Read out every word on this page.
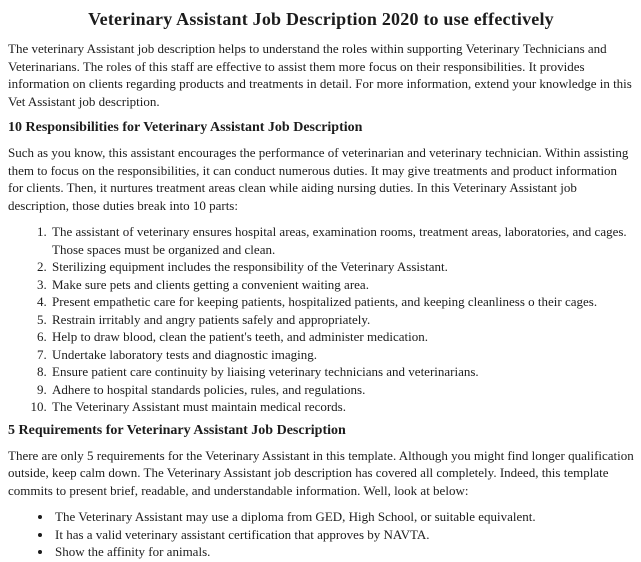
Veterinary Assistant Job Description 2020 to use effectively

The veterinary Assistant job description helps to understand the roles within supporting Veterinary Technicians and Veterinarians. The roles of this staff are effective to assist them more focus on their responsibilities. It provides information on clients regarding products and treatments in detail. For more information, extend your knowledge in this Vet Assistant job description.

10 Responsibilities for Veterinary Assistant Job Description

Such as you know, this assistant encourages the performance of veterinarian and veterinary technician. Within assisting them to focus on the responsibilities, it can conduct numerous duties. It may give treatments and product information for clients. Then, it nurtures treatment areas clean while aiding nursing duties. In this Veterinary Assistant job description, those duties break into 10 parts:

1. The assistant of veterinary ensures hospital areas, examination rooms, treatment areas, laboratories, and cages. Those spaces must be organized and clean.
2. Sterilizing equipment includes the responsibility of the Veterinary Assistant.
3. Make sure pets and clients getting a convenient waiting area.
4. Present empathetic care for keeping patients, hospitalized patients, and keeping cleanliness o their cages.
5. Restrain irritably and angry patients safely and appropriately.
6. Help to draw blood, clean the patient's teeth, and administer medication.
7. Undertake laboratory tests and diagnostic imaging.
8. Ensure patient care continuity by liaising veterinary technicians and veterinarians.
9. Adhere to hospital standards policies, rules, and regulations.
10. The Veterinary Assistant must maintain medical records.
5 Requirements for Veterinary Assistant Job Description

There are only 5 requirements for the Veterinary Assistant in this template. Although you might find longer qualification outside, keep calm down. The Veterinary Assistant job description has covered all completely. Indeed, this template commits to present brief, readable, and understandable information. Well, look at below:

• The Veterinary Assistant may use a diploma from GED, High School, or suitable equivalent.
• It has a valid veterinary assistant certification that approves by NAVTA.
• Show the affinity for animals.
